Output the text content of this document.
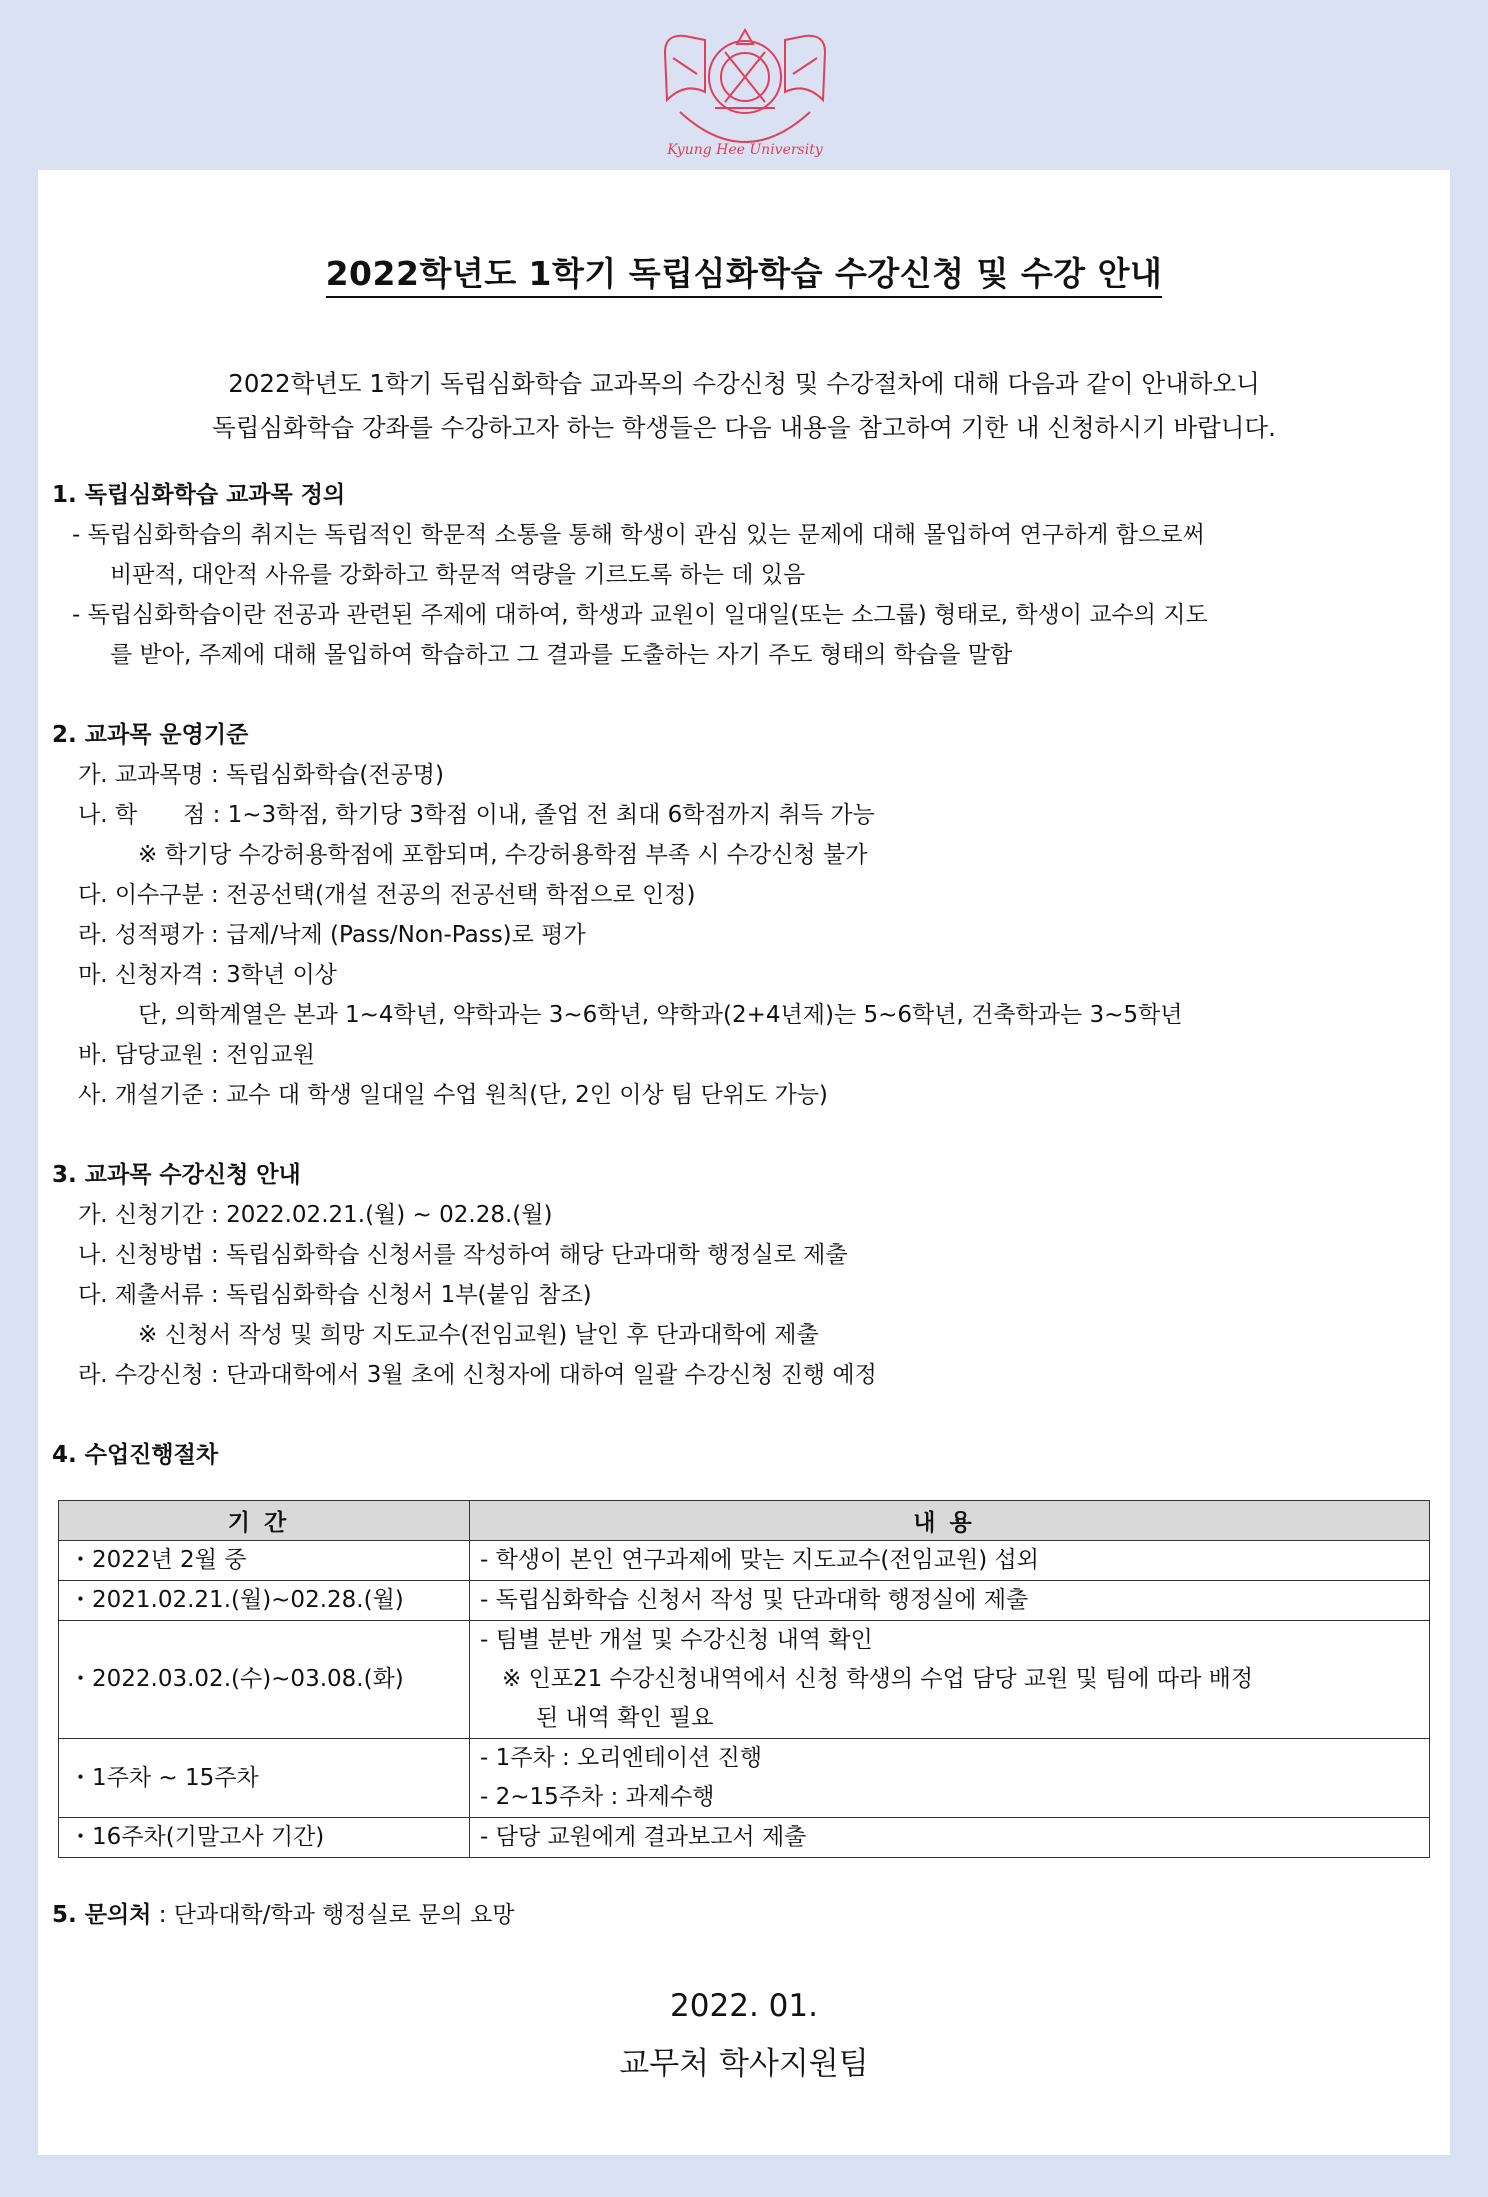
Kyung Hee University
2022학년도 1학기 독립심화학습 수강신청 및 수강 안내
2022학년도 1학기 독립심화학습 교과목의 수강신청 및 수강절차에 대해 다음과 같이 안내하오니
독립심화학습 강좌를 수강하고자 하는 학생들은 다음 내용을 참고하여 기한 내 신청하시기 바랍니다.
1. 독립심화학습 교과목 정의
- 독립심화학습의 취지는 독립적인 학문적 소통을 통해 학생이 관심 있는 문제에 대해 몰입하여 연구하게 함으로써
비판적, 대안적 사유를 강화하고 학문적 역량을 기르도록 하는 데 있음
- 독립심화학습이란 전공과 관련된 주제에 대하여, 학생과 교원이 일대일(또는 소그룹) 형태로, 학생이 교수의 지도
를 받아, 주제에 대해 몰입하여 학습하고 그 결과를 도출하는 자기 주도 형태의 학습을 말함
2. 교과목 운영기준
가. 교과목명 : 독립심화학습(전공명)
나. 학　　점 : 1~3학점, 학기당 3학점 이내, 졸업 전 최대 6학점까지 취득 가능
※ 학기당 수강허용학점에 포함되며, 수강허용학점 부족 시 수강신청 불가
다. 이수구분 : 전공선택(개설 전공의 전공선택 학점으로 인정)
라. 성적평가 : 급제/낙제 (Pass/Non-Pass)로 평가
마. 신청자격 : 3학년 이상
단, 의학계열은 본과 1~4학년, 약학과는 3~6학년, 약학과(2+4년제)는 5~6학년, 건축학과는 3~5학년
바. 담당교원 : 전임교원
사. 개설기준 : 교수 대 학생 일대일 수업 원칙(단, 2인 이상 팀 단위도 가능)
3. 교과목 수강신청 안내
가. 신청기간 : 2022.02.21.(월) ~ 02.28.(월)
나. 신청방법 : 독립심화학습 신청서를 작성하여 해당 단과대학 행정실로 제출
다. 제출서류 : 독립심화학습 신청서 1부(붙임 참조)
※ 신청서 작성 및 희망 지도교수(전임교원) 날인 후 단과대학에 제출
라. 수강신청 : 단과대학에서 3월 초에 신청자에 대하여 일괄 수강신청 진행 예정
4. 수업진행절차
기간	내용
・2022년 2월 중	- 학생이 본인 연구과제에 맞는 지도교수(전임교원) 섭외

・2021.02.21.(월)~02.28.(월)	- 독립심화학습 신청서 작성 및 단과대학 행정실에 제출

・2022.03.02.(수)~03.08.(화)	- 팀별 분반 개설 및 수강신청 내역 확인
※ 인포21 수강신청내역에서 신청 학생의 수업 담당 교원 및 팀에 따라 배정
된 내역 확인 필요

・1주차 ~ 15주차	- 1주차 : 오리엔테이션 진행
- 2~15주차 : 과제수행

・16주차(기말고사 기간)	- 담당 교원에게 결과보고서 제출
5. 문의처 : 단과대학/학과 행정실로 문의 요망
2022. 01.
교무처 학사지원팀
